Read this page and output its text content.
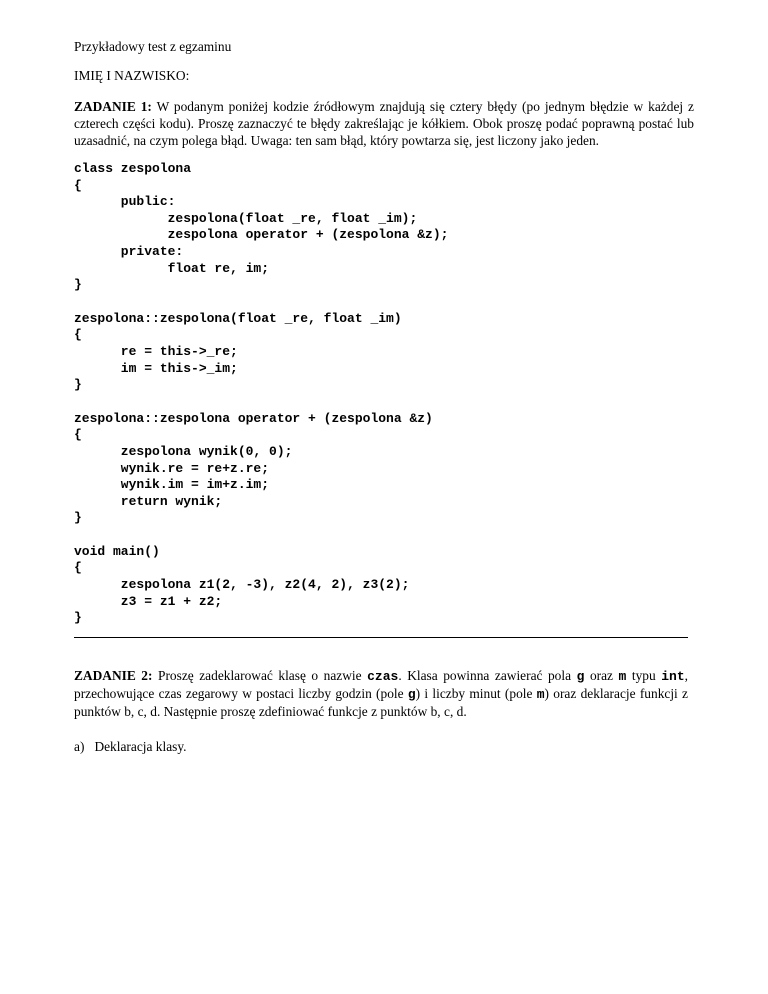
Przykładowy test z egzaminu
IMIĘ I NAZWISKO:
ZADANIE 1: W podanym poniżej kodzie źródłowym znajdują się cztery błędy (po jednym błędzie w każdej z czterech części kodu). Proszę zaznaczyć te błędy zakreślając je kółkiem. Obok proszę podać poprawną postać lub uzasadnić, na czym polega błąd. Uwaga: ten sam błąd, który powtarza się, jest liczony jako jeden.
class zespolona
{
public:
zespolona(float _re, float _im);
zespolona operator + (zespolona &z);
private:
float re, im;
}
zespolona::zespolona(float _re, float _im)
{
re = this->_re;
im = this->_im;
}
zespolona::zespolona operator + (zespolona &z)
{
zespolona wynik(0, 0);
wynik.re = re+z.re;
wynik.im = im+z.im;
return wynik;
}
void main()
{
zespolona z1(2, -3), z2(4, 2), z3(2);
z3 = z1 + z2;
}
ZADANIE 2: Proszę zadeklarować klasę o nazwie czas. Klasa powinna zawierać pola g oraz m typu int, przechowujące czas zegarowy w postaci liczby godzin (pole g) i liczby minut (pole m) oraz deklaracje funkcji z punktów b, c, d. Następnie proszę zdefiniować funkcje z punktów b, c, d.
a)   Deklaracja klasy.
